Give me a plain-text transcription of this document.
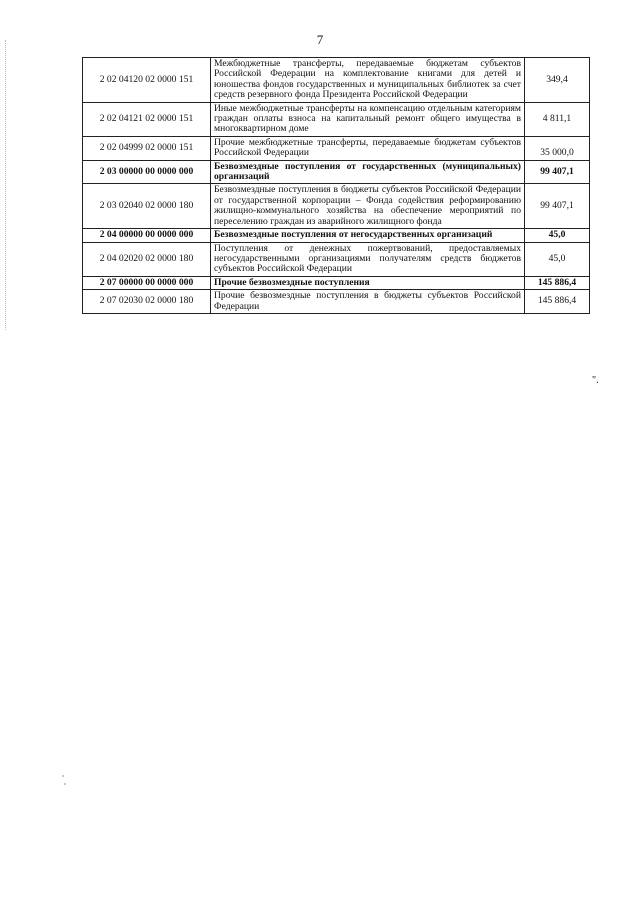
7
2 02 04120 02 0000 151	Межбюджетные трансферты, передаваемые бюджетам субъектов Российской Федерации на комплектование книгами для детей и юношества фондов государственных и муниципальных библиотек за счет средств резервного фонда Президента Российской Федерации	349,4
2 02 04121 02 0000 151	Иные межбюджетные трансферты на компенсацию отдельным категориям граждан оплаты взноса на капитальный ремонт общего имущества в многоквартирном доме	4 811,1
2 02 04999 02 0000 151	Прочие межбюджетные трансферты, передаваемые бюджетам субъектов Российской Федерации	35 000,0
2 03 00000 00 0000 000	Безвозмездные поступления от государственных (муниципальных) организаций	99 407,1
2 03 02040 02 0000 180	Безвозмездные поступления в бюджеты субъектов Российской Федерации от государственной корпорации – Фонда содействия реформированию жилищно-коммунального хозяйства на обеспечение мероприятий по переселению граждан из аварийного жилищного фонда	99 407,1
2 04 00000 00 0000 000	Безвозмездные поступления от негосударственных организаций	45,0
2 04 02020 02 0000 180	Поступления от денежных пожертвований, предоставляемых негосударственными организациями получателям средств бюджетов субъектов Российской Федерации	45,0
2 07 00000 00 0000 000	Прочие безвозмездные поступления	145 886,4
2 07 02030 02 0000 180	Прочие безвозмездные поступления в бюджеты субъектов Российской Федерации	145 886,4
".
